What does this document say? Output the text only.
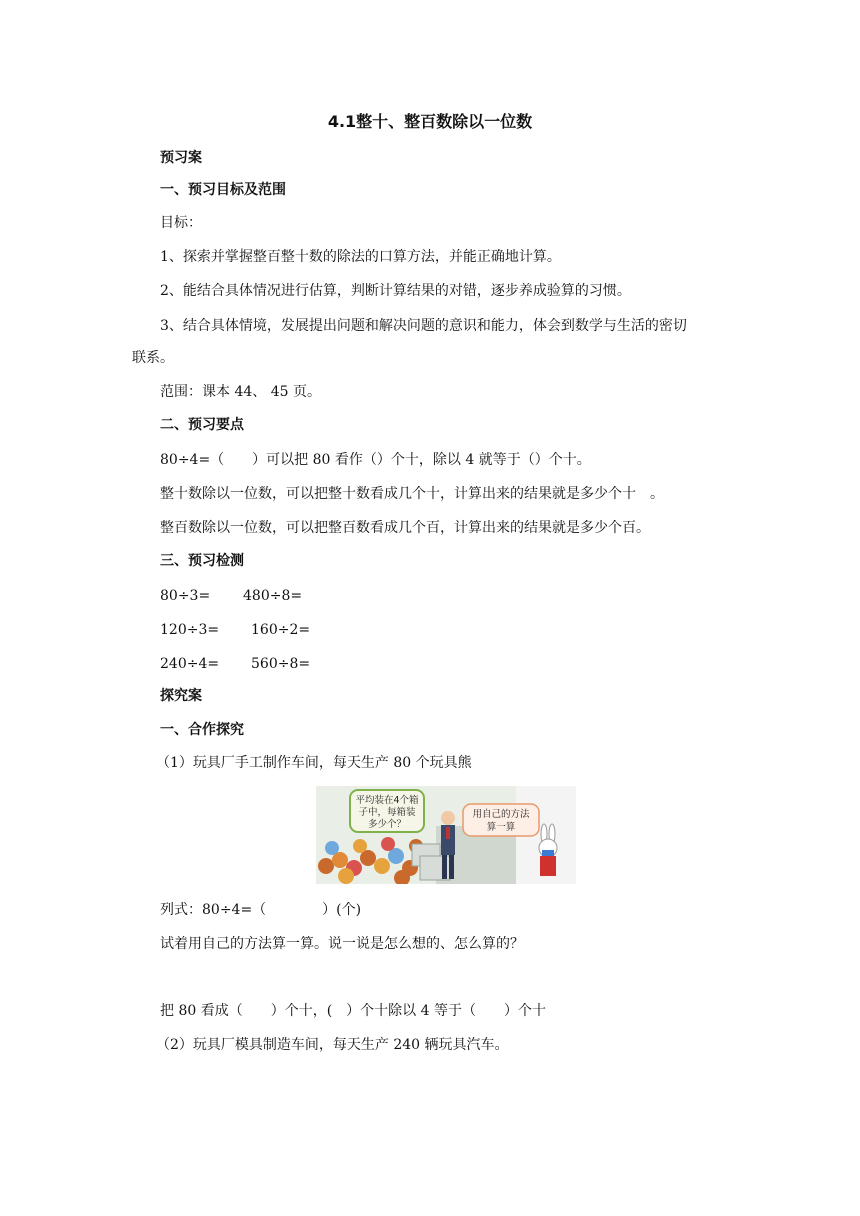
4.1整十、整百数除以一位数
预习案
一、预习目标及范围
目标：
1、探索并掌握整百整十数的除法的口算方法，并能正确地计算。
2、能结合具体情况进行估算，判断计算结果的对错，逐步养成验算的习惯。
3、结合具体情境，发展提出问题和解决问题的意识和能力，体会到数学与生活的密切
联系。
范围：课本 44、 45 页。
二、预习要点
80÷4=（　　）可以把 80 看作（）个十，除以 4 就等于（）个十。
整十数除以一位数，可以把整十数看成几个十，计算出来的结果就是多少个十　。
整百数除以一位数，可以把整百数看成几个百，计算出来的结果就是多少个百。
三、预习检测
80÷3= 480÷8=
120÷3= 160÷2=
240÷4= 560÷8=
探究案
一、合作探究
（1）玩具厂手工制作车间，每天生产 80 个玩具熊
平均装在4个箱
子中，每箱装
多少个？
用自己的方法
算一算
列式：80÷4=（　　　　）(个)
试着用自己的方法算一算。说一说是怎么想的、怎么算的？
把 80 看成（　　）个十，(　）个十除以 4 等于（　　）个十
（2）玩具厂模具制造车间，每天生产 240 辆玩具汽车。
